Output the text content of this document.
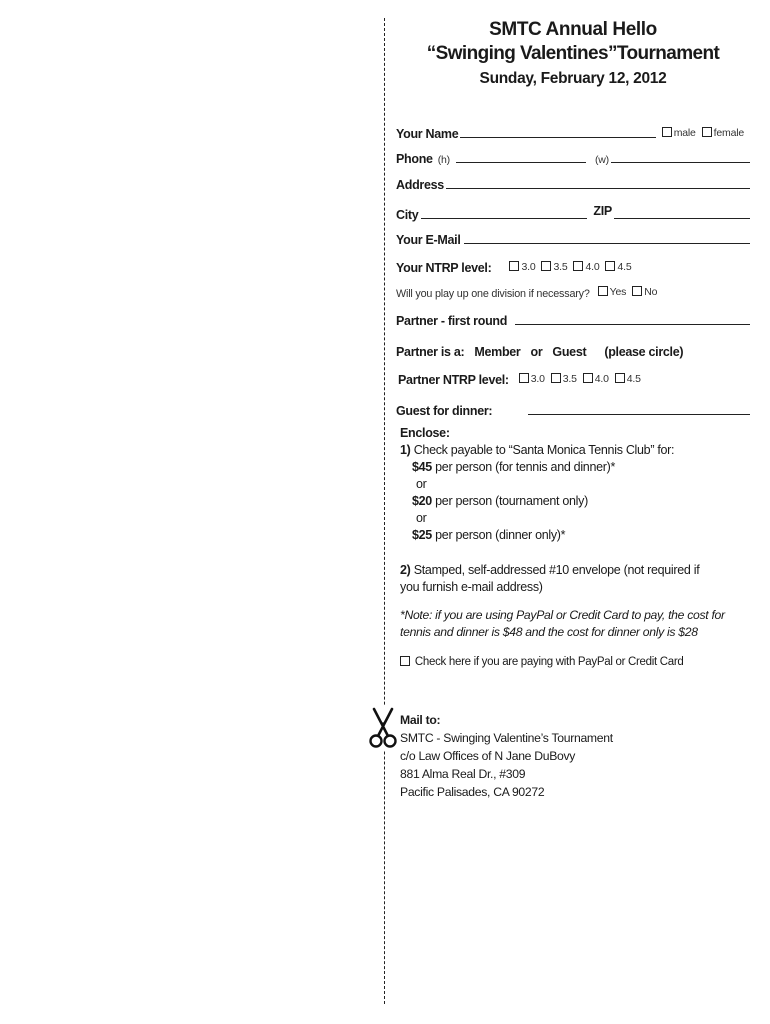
SMTC Annual Hello
“Swinging Valentines”Tournament
Sunday, February 12, 2012
Your Name	male	female
Phone (h)	(w)
Address
City	ZIP
Your E-Mail
Your NTRP level:	3.0	3.5	4.0	4.5
Will you play up one division if necessary?	Yes	No
Partner - first round
Partner is a: Member or Guest (please circle)
Partner NTRP level:	3.0	3.5	4.0	4.5
Guest for dinner:
Enclose:
1) Check payable to “Santa Monica Tennis Club” for:
$45 per person (for tennis and dinner)*
or
$20 per person (tournament only)
or
$25 per person (dinner only)*
2) Stamped, self-addressed #10 envelope (not required if
you furnish e-mail address)
*Note: if you are using PayPal or Credit Card to pay, the cost for
tennis and dinner is $48 and the cost for dinner only is $28
Check here if you are paying with PayPal or Credit Card
Mail to:
SMTC - Swinging Valentine’s Tournament
c/o Law Offices of N Jane DuBovy
881 Alma Real Dr., #309
Pacific Palisades, CA 90272
